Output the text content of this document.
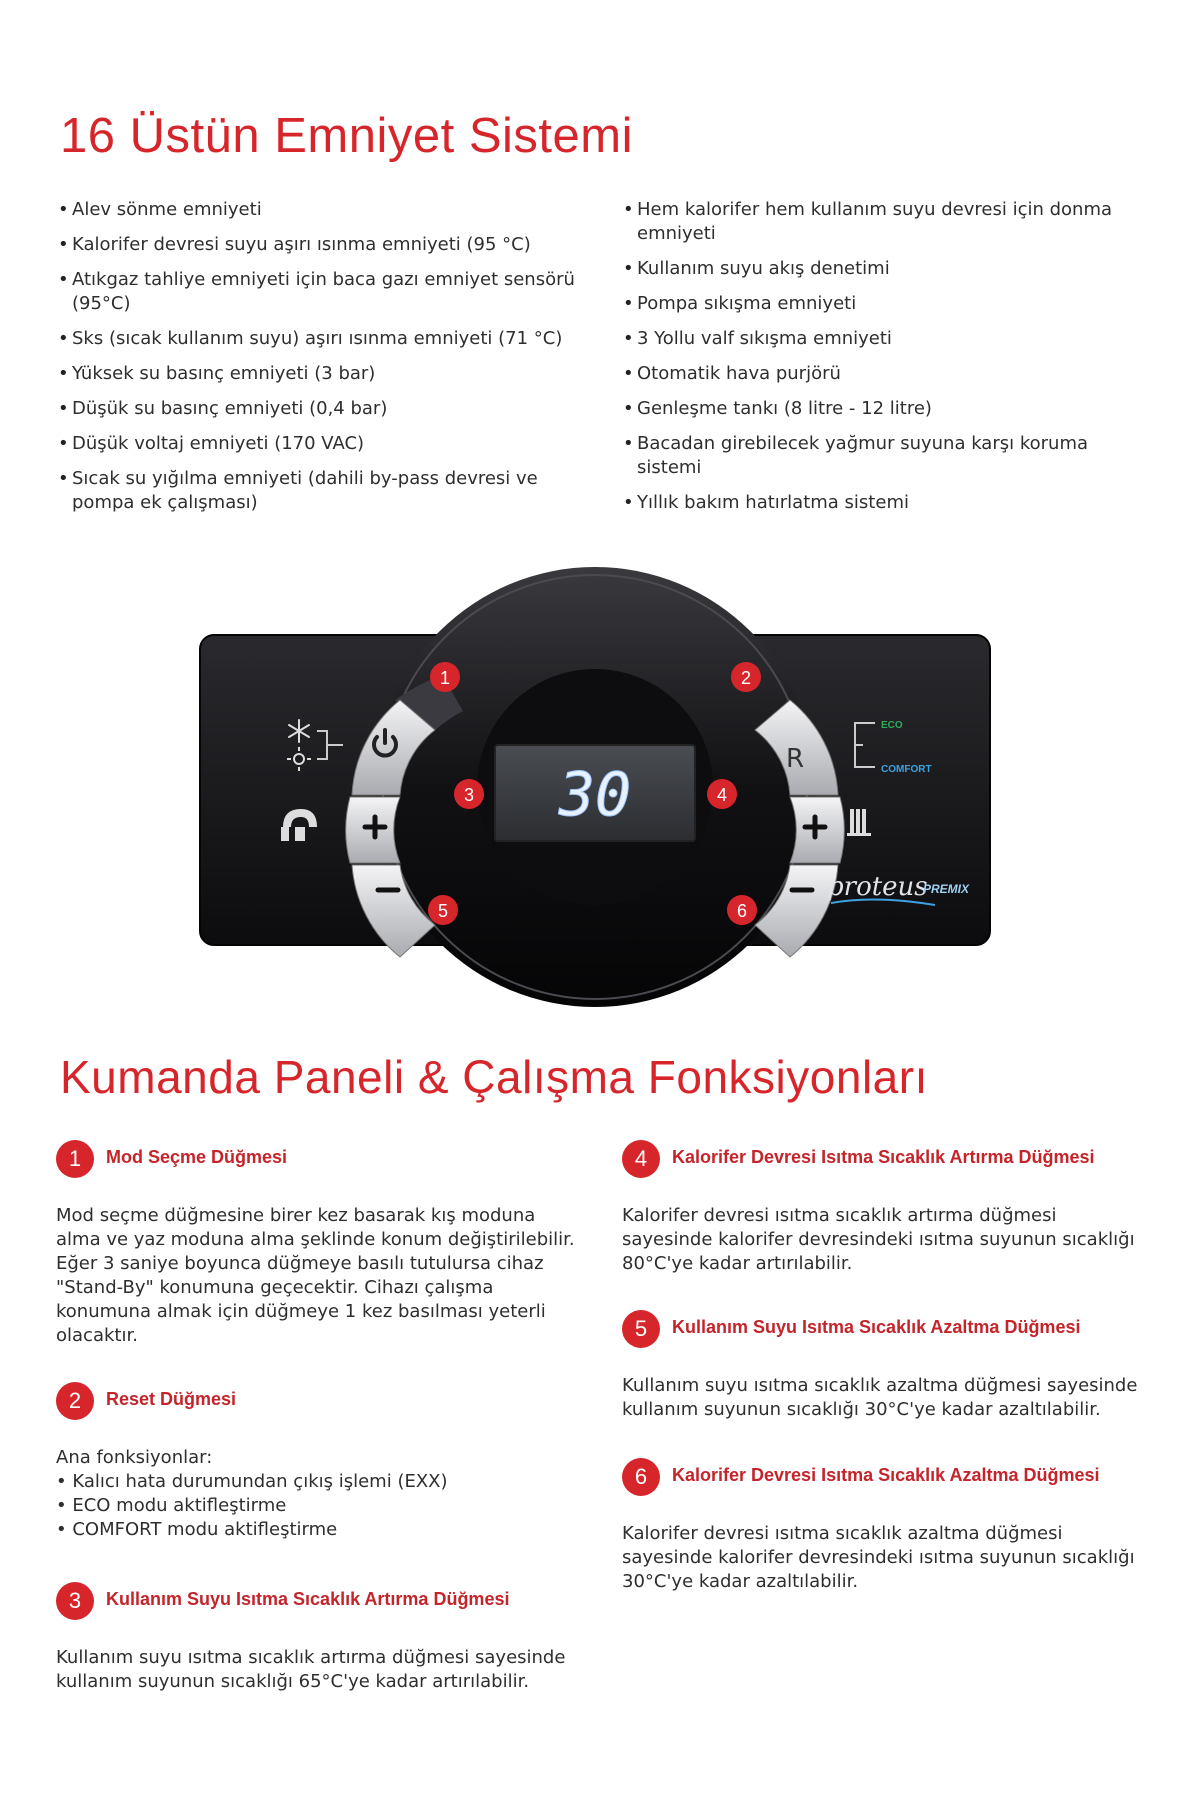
16 Üstün Emniyet Sistemi
• Alev sönme emniyeti
• Kalorifer devresi suyu aşırı ısınma emniyeti (95 °C)
• Atıkgaz tahliye emniyeti için baca gazı emniyet sensörü (95°C)
• Sks (sıcak kullanım suyu) aşırı ısınma emniyeti (71 °C)
• Yüksek su basınç emniyeti (3 bar)
• Düşük su basınç emniyeti (0,4 bar)
• Düşük voltaj emniyeti (170 VAC)
• Sıcak su yığılma emniyeti (dahili by-pass devresi ve pompa ek çalışması)
• Hem kalorifer hem kullanım suyu devresi için donma emniyeti
• Kullanım suyu akış denetimi
• Pompa sıkışma emniyeti
• 3 Yollu valf sıkışma emniyeti
• Otomatik hava purjörü
• Genleşme tankı (8 litre - 12 litre)
• Bacadan girebilecek yağmur suyuna karşı koruma sistemi
• Yıllık bakım hatırlatma sistemi
R
30
ECO
COMFORT
proteus
PREMIX
1	2
3	4
5	6
Kumanda Paneli & Çalışma Fonksiyonları
1	Mod Seçme Düğmesi
Mod seçme düğmesine birer kez basarak kış moduna alma ve yaz moduna alma şeklinde konum değiştirilebilir. Eğer 3 saniye boyunca düğmeye basılı tutulursa cihaz "Stand-By" konumuna geçecektir. Cihazı çalışma konumuna almak için düğmeye 1 kez basılması yeterli olacaktır.
2	Reset Düğmesi
Ana fonksiyonlar:
• Kalıcı hata durumundan çıkış işlemi (EXX)
• ECO modu aktifleştirme
• COMFORT modu aktifleştirme
3	Kullanım Suyu Isıtma Sıcaklık Artırma Düğmesi
Kullanım suyu ısıtma sıcaklık artırma düğmesi sayesinde kullanım suyunun sıcaklığı 65°C'ye kadar artırılabilir.
4	Kalorifer Devresi Isıtma Sıcaklık Artırma Düğmesi
Kalorifer devresi ısıtma sıcaklık artırma düğmesi sayesinde kalorifer devresindeki ısıtma suyunun sıcaklığı 80°C'ye kadar artırılabilir.
5	Kullanım Suyu Isıtma Sıcaklık Azaltma Düğmesi
Kullanım suyu ısıtma sıcaklık azaltma düğmesi sayesinde kullanım suyunun sıcaklığı 30°C'ye kadar azaltılabilir.
6	Kalorifer Devresi Isıtma Sıcaklık Azaltma Düğmesi
Kalorifer devresi ısıtma sıcaklık azaltma düğmesi sayesinde kalorifer devresindeki ısıtma suyunun sıcaklığı 30°C'ye kadar azaltılabilir.
